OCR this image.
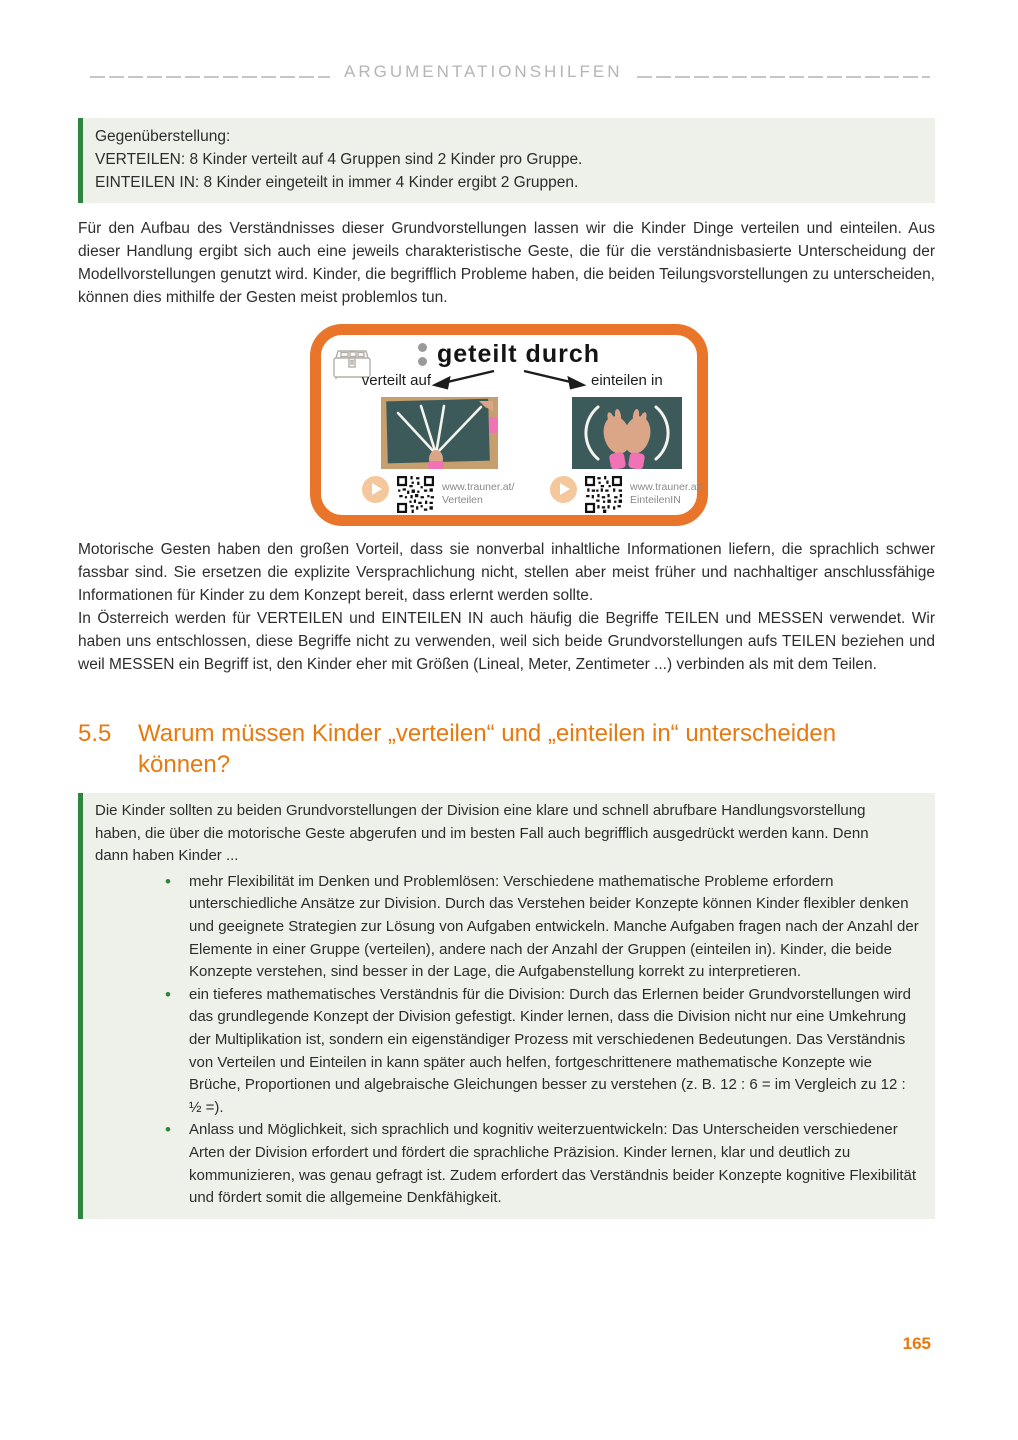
ARGUMENTATIONSHILFEN
Gegenüberstellung:
VERTEILEN: 8 Kinder verteilt auf 4 Gruppen sind 2 Kinder pro Gruppe.
EINTEILEN IN: 8 Kinder eingeteilt in immer 4 Kinder ergibt 2 Gruppen.

Für den Aufbau des Verständnisses dieser Grundvorstellungen lassen wir die Kinder Dinge verteilen und einteilen. Aus dieser Handlung ergibt sich auch eine jeweils charakteristische Geste, die für die verständnisbasierte Unterscheidung der Modellvorstellungen genutzt wird. Kinder, die begrifflich Probleme haben, die beiden Teilungsvorstellungen zu unterscheiden, können dies mithilfe der Gesten meist problemlos tun.

geteilt durch
verteilt auf	einteilen in
www.trauner.at/
Verteilen
www.trauner.at/
EinteilenIN

Motorische Gesten haben den großen Vorteil, dass sie nonverbal inhaltliche Informationen liefern, die sprachlich schwer fassbar sind. Sie ersetzen die explizite Versprachlichung nicht, stellen aber meist früher und nachhaltiger anschlussfähige Informationen für Kinder zu dem Konzept bereit, dass erlernt werden sollte.

In Österreich werden für VERTEILEN und EINTEILEN IN auch häufig die Begriffe TEILEN und MESSEN verwendet. Wir haben uns entschlossen, diese Begriffe nicht zu verwenden, weil sich beide Grundvorstellungen aufs TEILEN beziehen und weil MESSEN ein Begriff ist, den Kinder eher mit Größen (Lineal, Meter, Zentimeter ...) verbinden als mit dem Teilen.

5.5	Warum müssen Kinder „verteilen“ und „einteilen in“ unterscheiden
können?
Die Kinder sollten zu beiden Grundvorstellungen der Division eine klare und schnell abrufbare Handlungsvorstellung haben, die über die motorische Geste abgerufen und im besten Fall auch begrifflich ausgedrückt werden kann. Denn dann haben Kinder ...
• mehr Flexibilität im Denken und Problemlösen: Verschiedene mathematische Probleme erfordern unterschiedliche Ansätze zur Division. Durch das Verstehen beider Konzepte können Kinder flexibler denken und geeignete Strategien zur Lösung von Aufgaben entwickeln. Manche Aufgaben fragen nach der Anzahl der Elemente in einer Gruppe (verteilen), andere nach der Anzahl der Gruppen (einteilen in). Kinder, die beide Konzepte verstehen, sind besser in der Lage, die Aufgabenstellung korrekt zu interpretieren.
• ein tieferes mathematisches Verständnis für die Division: Durch das Erlernen beider Grundvorstellungen wird das grundlegende Konzept der Division gefestigt. Kinder lernen, dass die Division nicht nur eine Umkehrung der Multiplikation ist, sondern ein eigenständiger Prozess mit verschiedenen Bedeutungen. Das Verständnis von Verteilen und Einteilen in kann später auch helfen, fortgeschrittenere mathematische Konzepte wie Brüche, Proportionen und algebraische Gleichungen besser zu verstehen (z. B. 12 : 6 = im Vergleich zu 12 : ½ =).
• Anlass und Möglichkeit, sich sprachlich und kognitiv weiterzuentwickeln: Das Unterscheiden verschiedener Arten der Division erfordert und fördert die sprachliche Präzision. Kinder lernen, klar und deutlich zu kommunizieren, was genau gefragt ist. Zudem erfordert das Verständnis beider Konzepte kognitive Flexibilität und fördert somit die allgemeine Denkfähigkeit.
165
